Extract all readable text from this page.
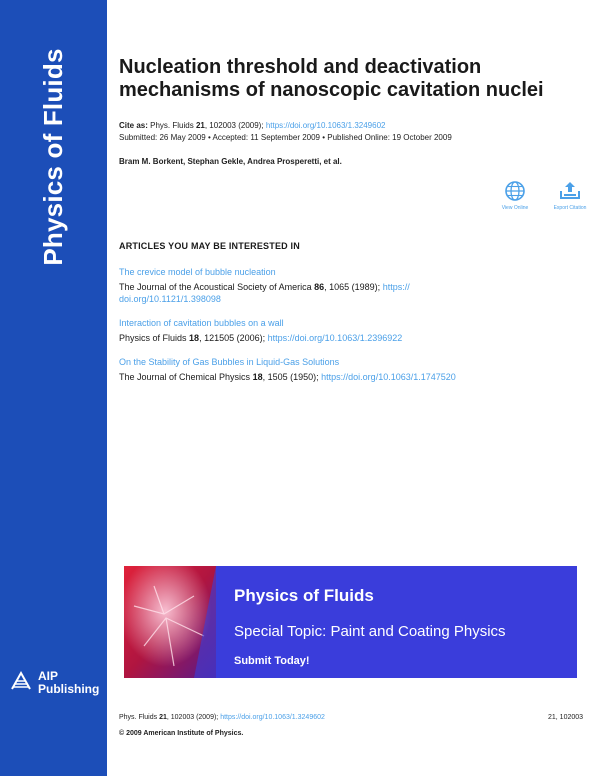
Physics of Fluids
AIP
Publishing
Nucleation threshold and deactivation mechanisms of nanoscopic cavitation nuclei
Cite as: Phys. Fluids 21, 102003 (2009); https://doi.org/10.1063/1.3249602
Submitted: 26 May 2009 • Accepted: 11 September 2009 • Published Online: 19 October 2009
Bram M. Borkent, Stephan Gekle, Andrea Prosperetti, et al.
View Online	Export Citation
ARTICLES YOU MAY BE INTERESTED IN
The crevice model of bubble nucleation
The Journal of the Acoustical Society of America 86, 1065 (1989); https://
doi.org/10.1121/1.398098
Interaction of cavitation bubbles on a wall
Physics of Fluids 18, 121505 (2006); https://doi.org/10.1063/1.2396922
On the Stability of Gas Bubbles in Liquid-Gas Solutions
The Journal of Chemical Physics 18, 1505 (1950); https://doi.org/10.1063/1.1747520
Physics of Fluids
Special Topic: Paint and Coating Physics
Submit Today!
Phys. Fluids 21, 102003 (2009); https://doi.org/10.1063/1.3249602	21, 102003
© 2009 American Institute of Physics.
